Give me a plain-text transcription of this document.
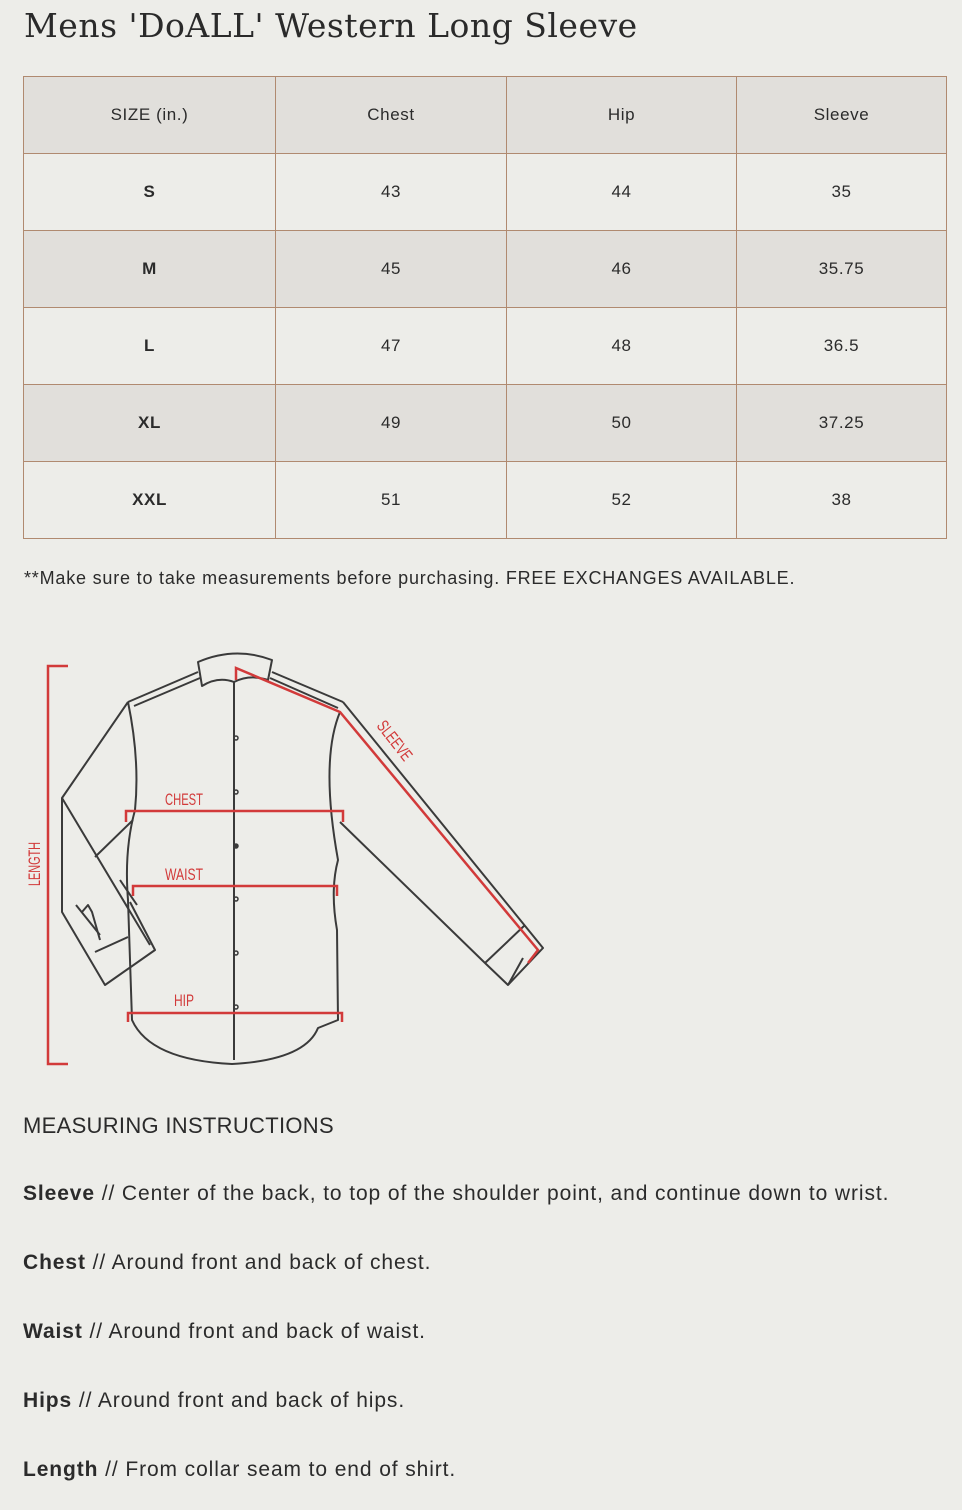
Mens 'DoALL' Western Long Sleeve
SIZE (in.)	Chest	Hip	Sleeve
S	43	44	35
M	45	46	35.75
L	47	48	36.5
XL	49	50	37.25
XXL	51	52	38
**Make sure to take measurements before purchasing. FREE EXCHANGES AVAILABLE.
LENGTH
CHEST
WAIST
HIP
SLEEVE
MEASURING INSTRUCTIONS
Sleeve // Center of the back, to top of the shoulder point, and continue down to wrist.
Chest // Around front and back of chest.
Waist // Around front and back of waist.
Hips // Around front and back of hips.
Length // From collar seam to end of shirt.
